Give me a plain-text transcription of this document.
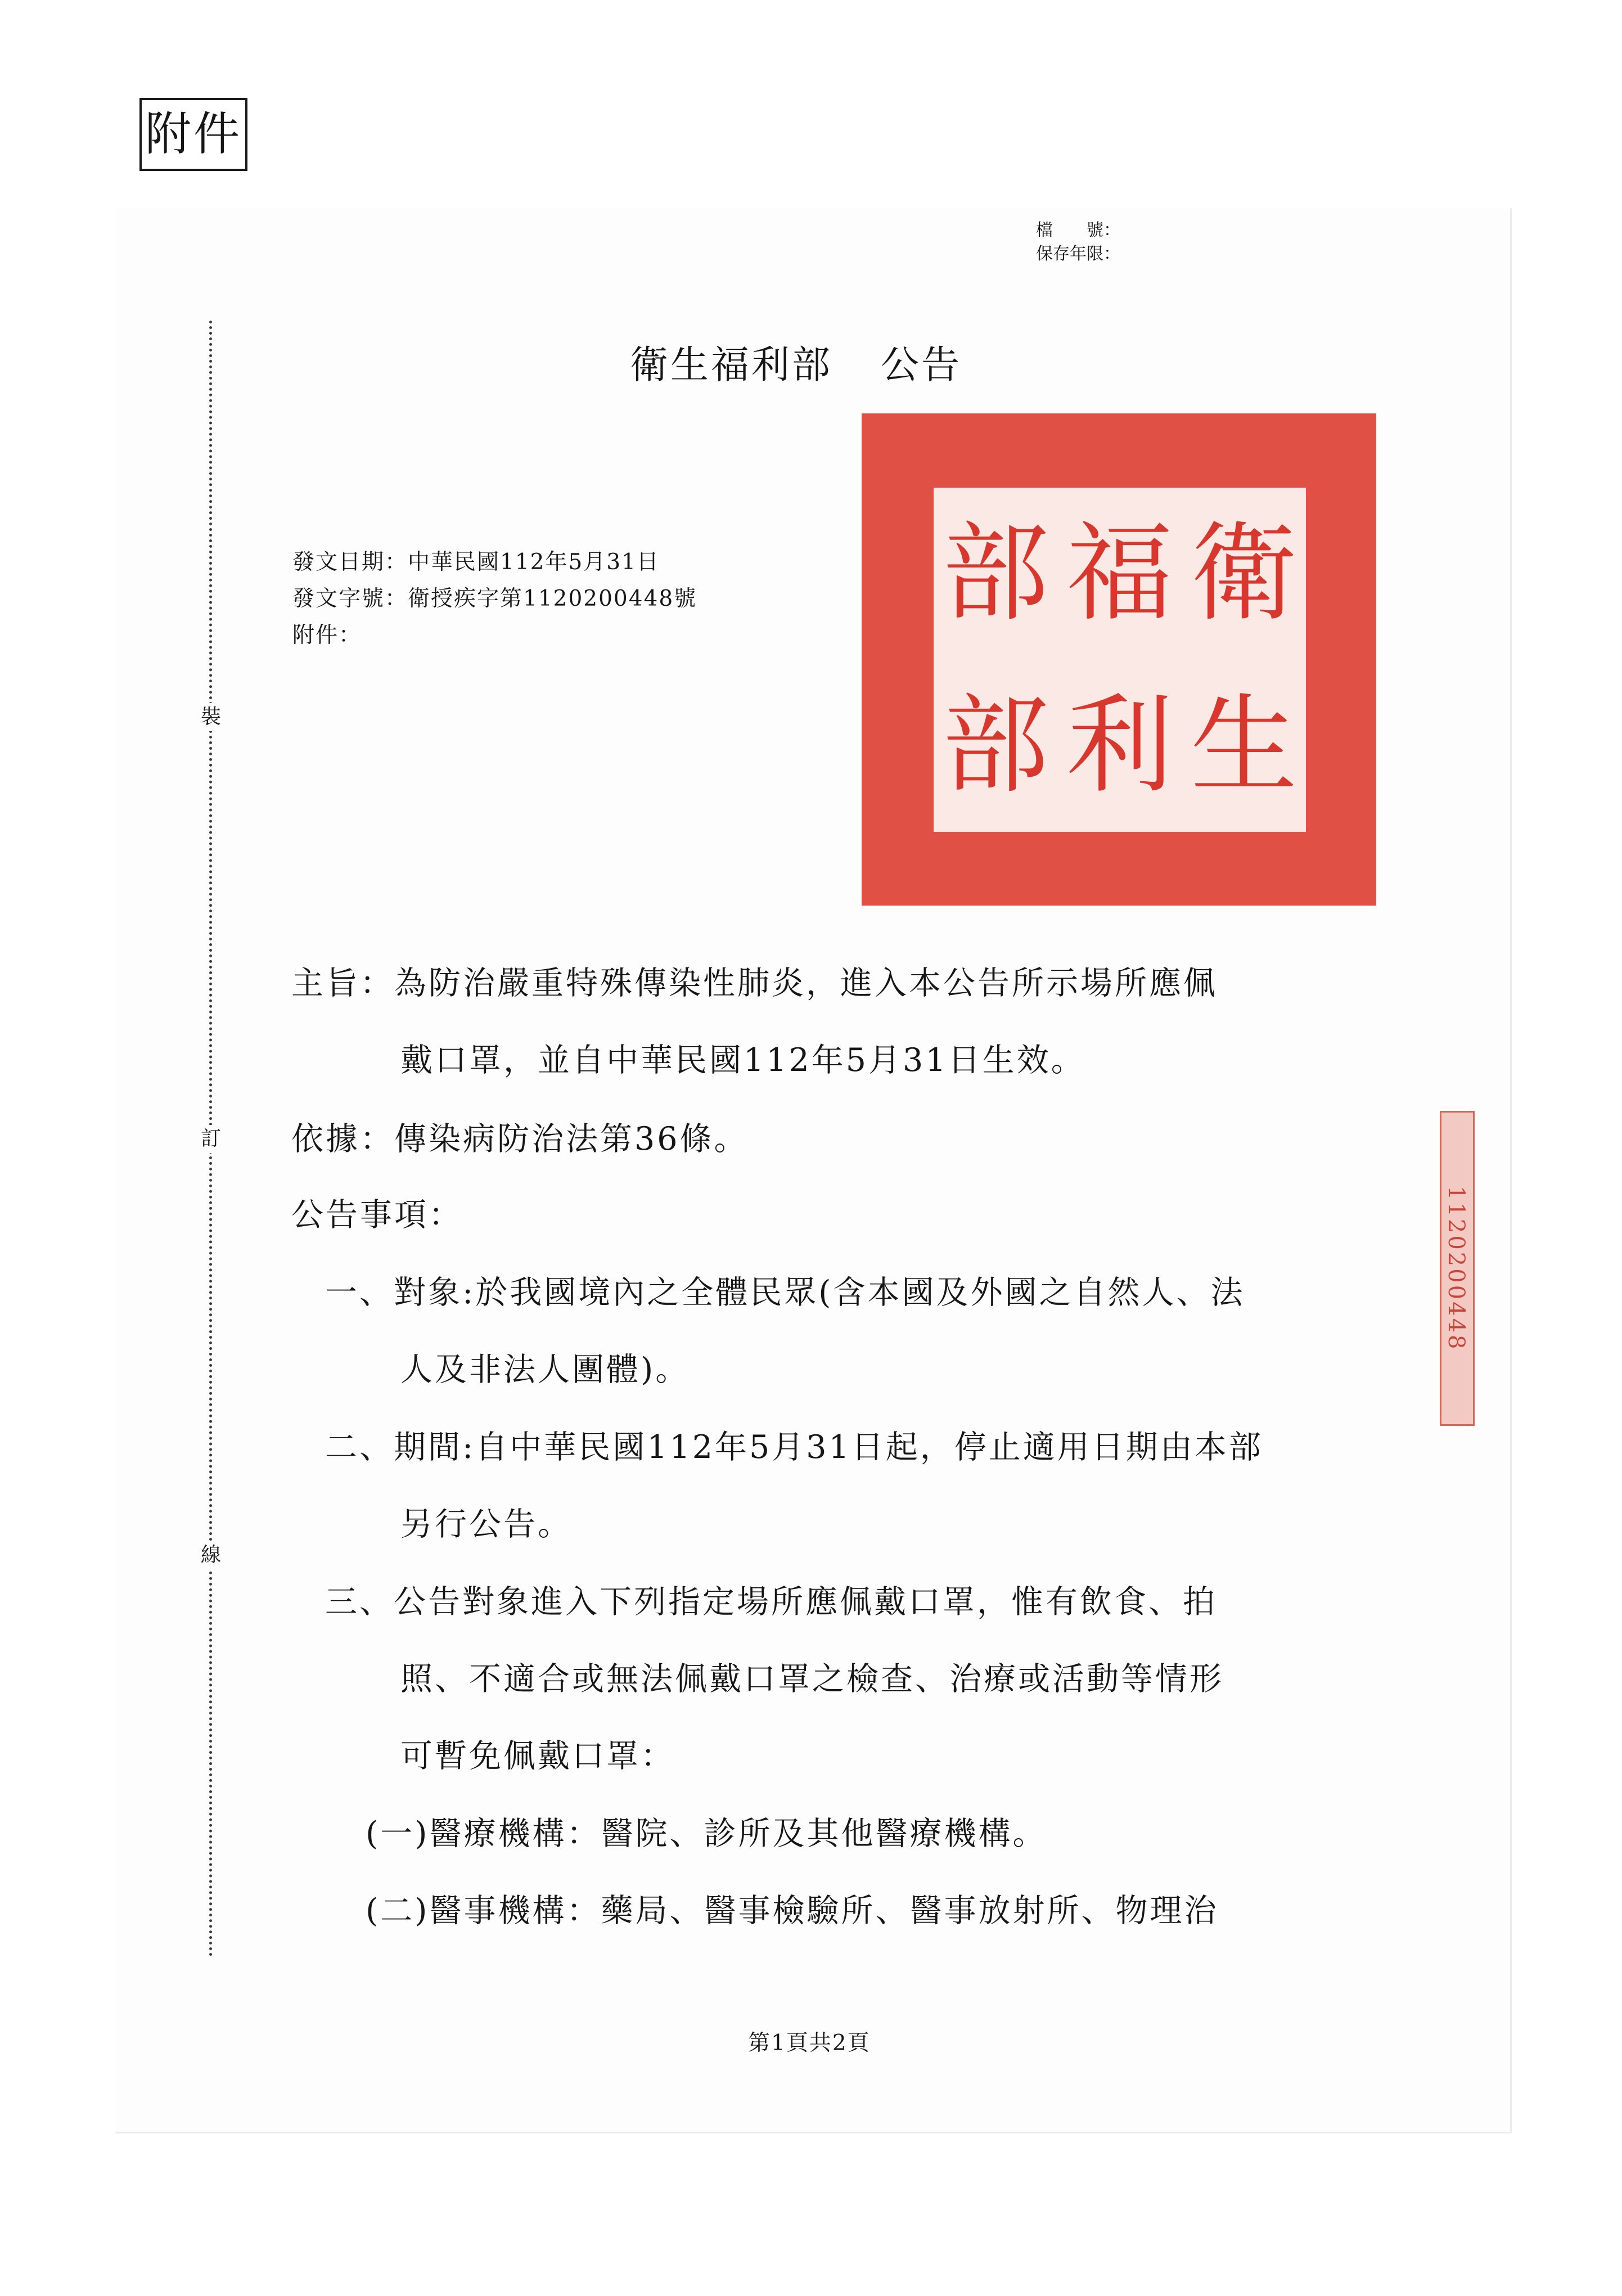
附件
檔　　號：
保存年限：
裝
訂
線
衛生福利部 公告
發文日期：中華民國112年5月31日
發文字號：衛授疾字第1120200448號
附件：	部 福 衛
部 利 生
1120200448
主旨：為防治嚴重特殊傳染性肺炎，進入本公告所示場所應佩
戴口罩，並自中華民國112年5月31日生效。
依據：傳染病防治法第36條。
公告事項：
一、對象:於我國境內之全體民眾(含本國及外國之自然人、法
人及非法人團體)。
二、期間:自中華民國112年5月31日起，停止適用日期由本部
另行公告。
三、公告對象進入下列指定場所應佩戴口罩，惟有飲食、拍
照、不適合或無法佩戴口罩之檢查、治療或活動等情形
可暫免佩戴口罩：
(一)醫療機構：醫院、診所及其他醫療機構。
(二)醫事機構：藥局、醫事檢驗所、醫事放射所、物理治
第1頁共2頁
